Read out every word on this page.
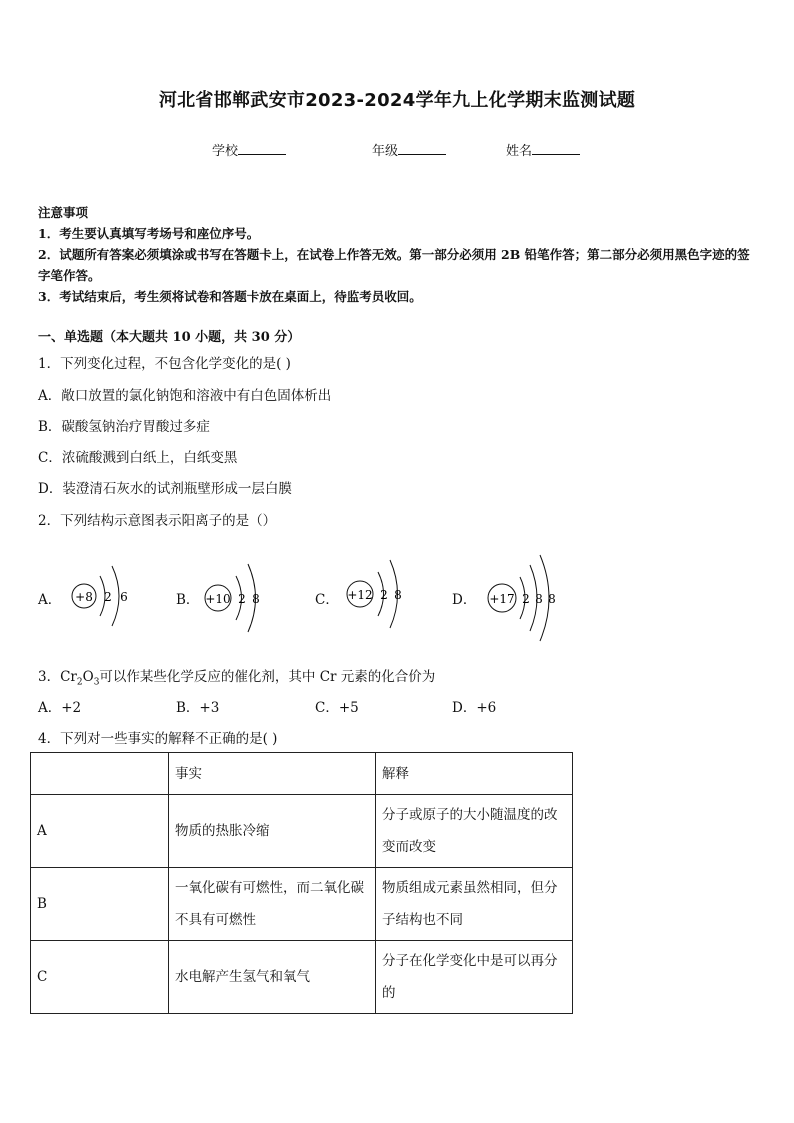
河北省邯郸武安市2023-2024学年九上化学期末监测试题
学校	年级	姓名
注意事项
1．考生要认真填写考场号和座位序号。
2．试题所有答案必须填涂或书写在答题卡上，在试卷上作答无效。第一部分必须用 2B 铅笔作答；第二部分必须用黑色字迹的签字笔作答。
3．考试结束后，考生须将试卷和答题卡放在桌面上，待监考员收回。
一、单选题（本大题共 10 小题，共 30 分）
1．下列变化过程，不包含化学变化的是( )
A．敞口放置的氯化钠饱和溶液中有白色固体析出
B．碳酸氢钠治疗胃酸过多症
C．浓硫酸溅到白纸上，白纸变黑
D．装澄清石灰水的试剂瓶壁形成一层白膜
2．下列结构示意图表示阳离子的是（）
A． +8 2 6	B． +10 2 8	C． +12 2 8	D． +17 2 8 8
3．$Cr_2O_3$可以作某些化学反应的催化剂，其中 Cr 元素的化合价为
A．+2	B．+3	C．+5	D．+6
4．下列对一些事实的解释不正确的是( )
	事实	解释
A	物质的热胀冷缩	分子或原子的大小随温度的改变而改变
B	一氧化碳有可燃性，而二氧化碳不具有可燃性	物质组成元素虽然相同，但分子结构也不同
C	水电解产生氢气和氧气	分子在化学变化中是可以再分的
